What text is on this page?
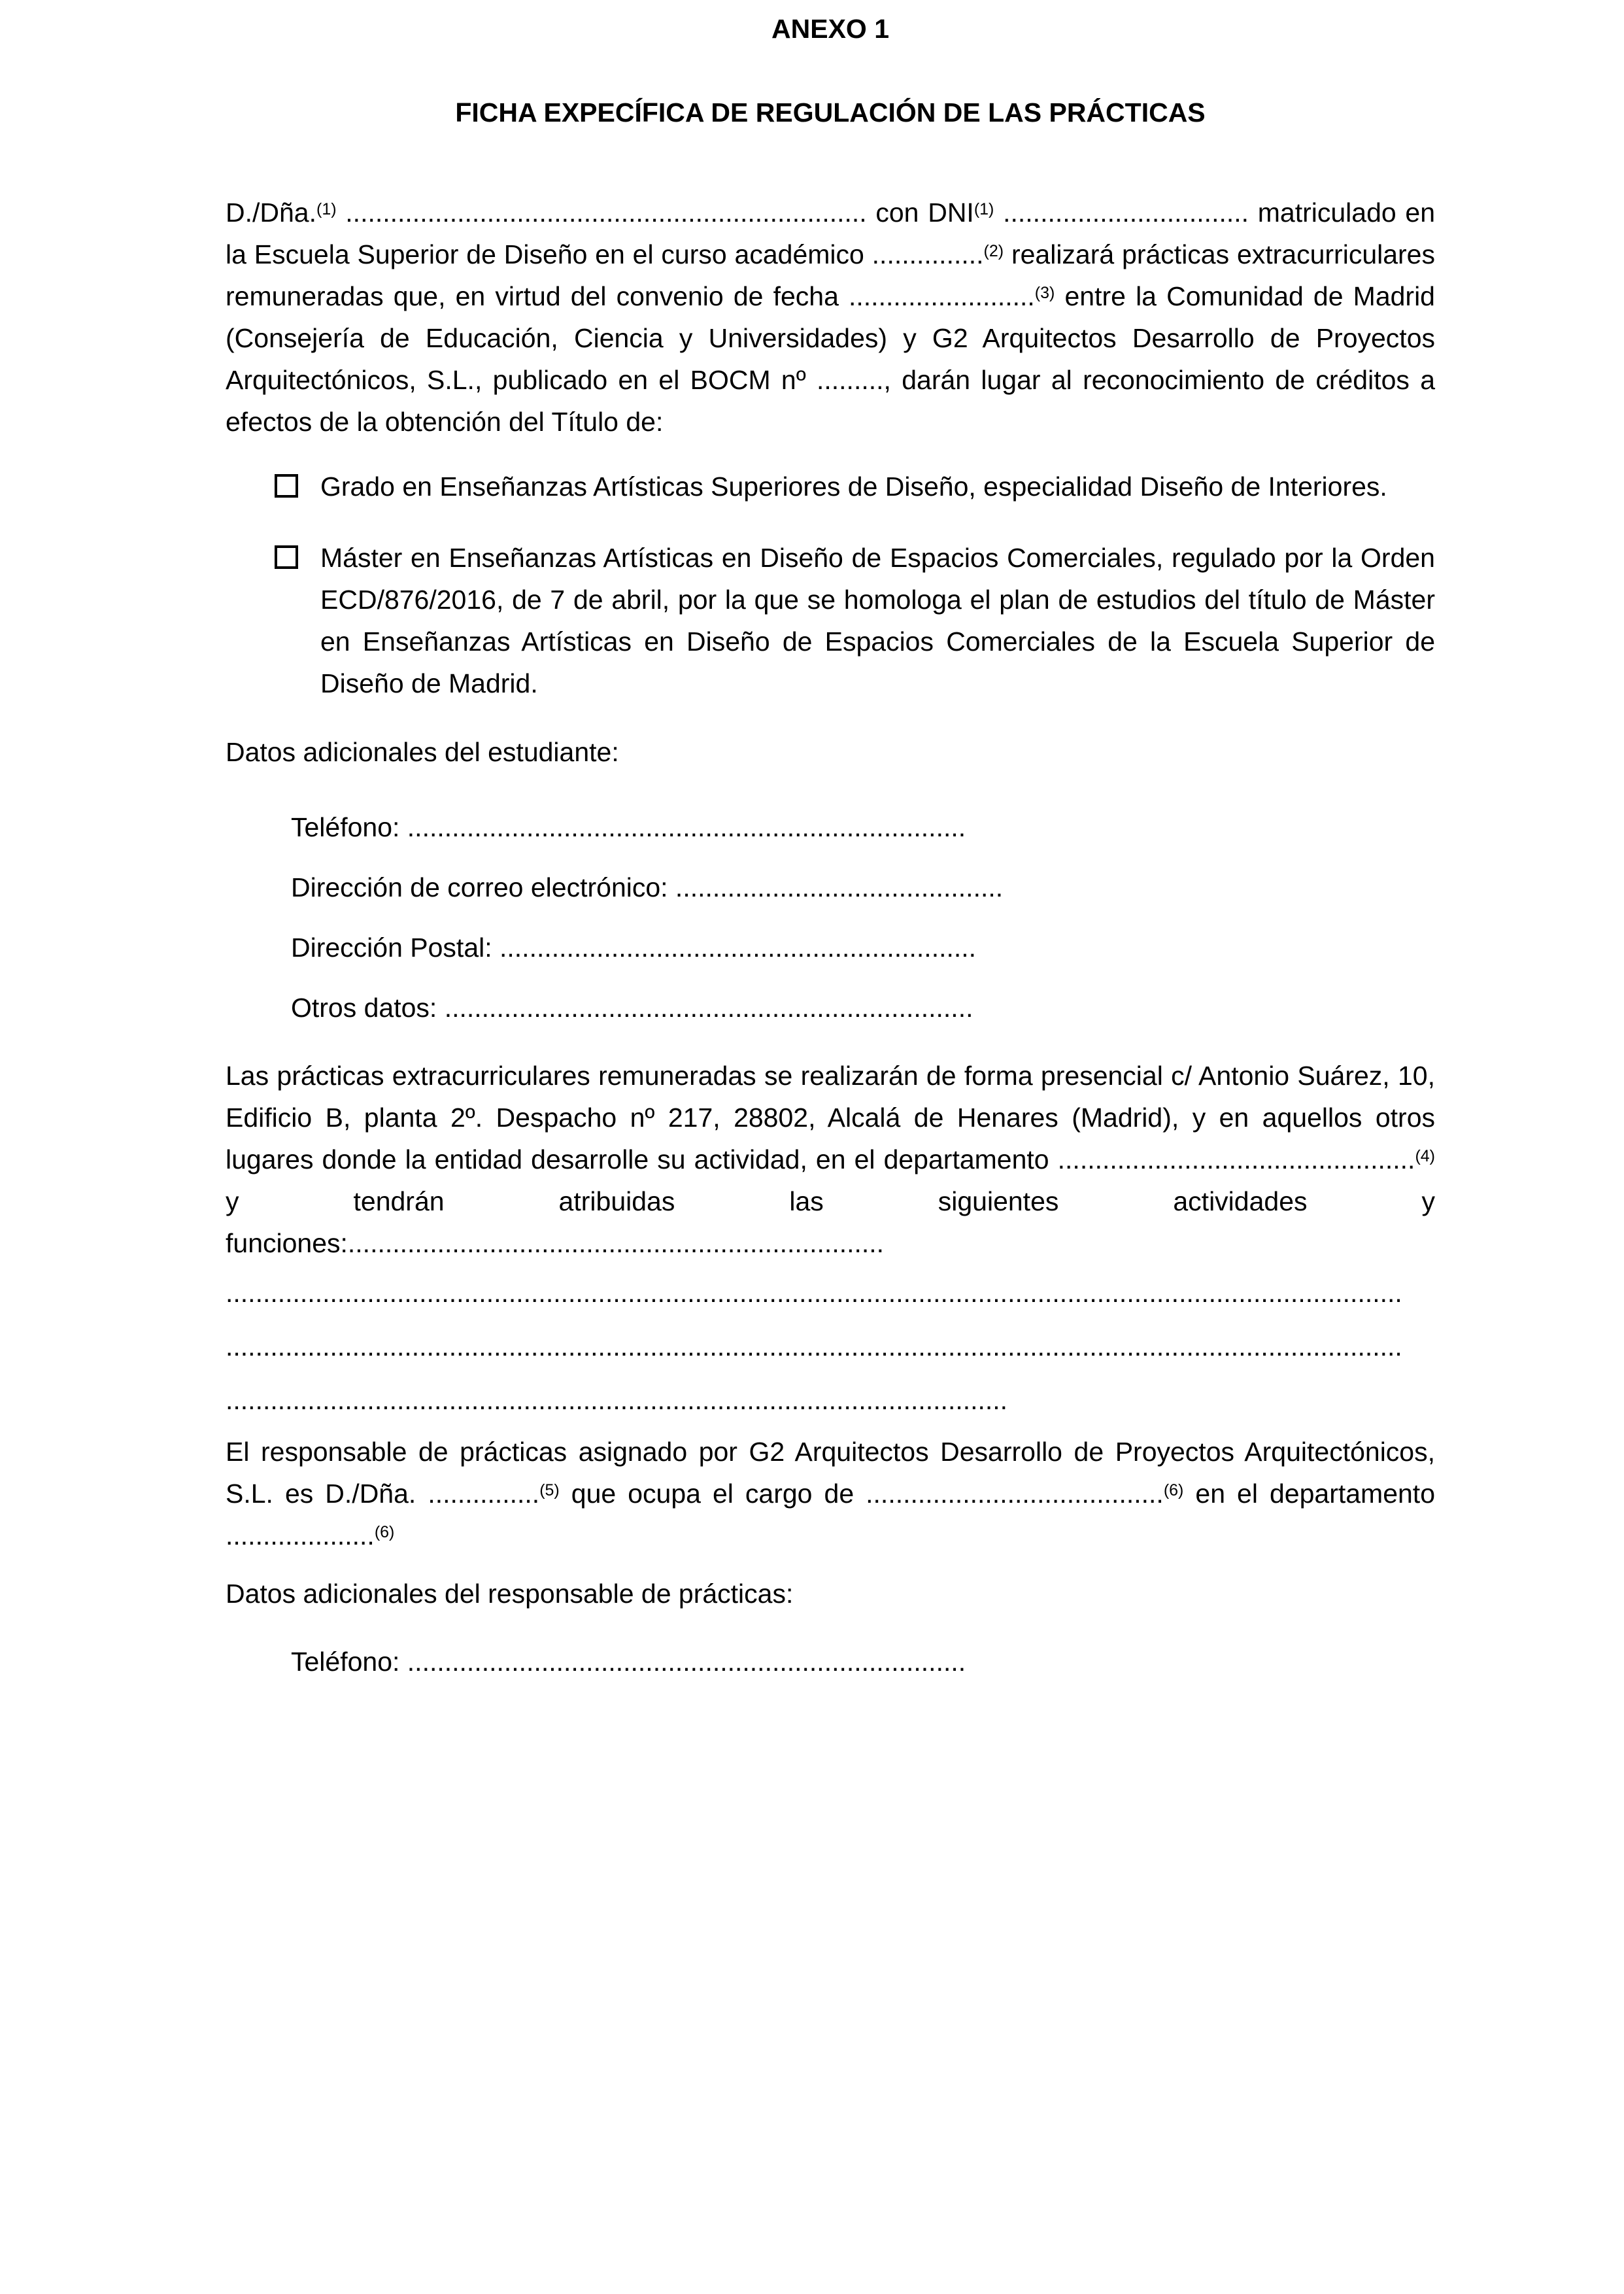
ANEXO 1
FICHA EXPECÍFICA DE REGULACIÓN DE LAS PRÁCTICAS

D./Dña.$^{(1)}$ ...................................................................... con DNI$^{(1)}$ ................................. matriculado en la Escuela Superior de Diseño en el curso académico ...............$^{(2)}$ realizará prácticas extracurriculares remuneradas que, en virtud del convenio de fecha .........................$^{(3)}$ entre la Comunidad de Madrid (Consejería de Educación, Ciencia y Universidades) y G2 Arquitectos Desarrollo de Proyectos Arquitectónicos, S.L., publicado en el BOCM nº ........., darán lugar al reconocimiento de créditos a efectos de la obtención del Título de:

Grado en Enseñanzas Artísticas Superiores de Diseño, especialidad Diseño de Interiores.
Máster en Enseñanzas Artísticas en Diseño de Espacios Comerciales, regulado por la Orden ECD/876/2016, de 7 de abril, por la que se homologa el plan de estudios del título de Máster en Enseñanzas Artísticas en Diseño de Espacios Comerciales de la Escuela Superior de Diseño de Madrid.

Datos adicionales del estudiante:

Teléfono: ...........................................................................
Dirección de correo electrónico: ............................................
Dirección Postal: ................................................................
Otros datos: .......................................................................

Las prácticas extracurriculares remuneradas se realizarán de forma presencial c/ Antonio Suárez, 10, Edificio B, planta 2º. Despacho nº 217, 28802, Alcalá de Henares (Madrid), y en aquellos otros lugares donde la entidad desarrolle su actividad, en el departamento ................................................$^{(4)}$ y tendrán atribuidas las siguientes actividades y funciones:........................................................................

..............................................................................................................................................................
..............................................................................................................................................................
.........................................................................................................

El responsable de prácticas asignado por G2 Arquitectos Desarrollo de Proyectos Arquitectónicos, S.L. es D./Dña. ...............$^{(5)}$ que ocupa el cargo de ........................................$^{(6)}$ en el departamento ....................$^{(6)}$

Datos adicionales del responsable de prácticas:

Teléfono: ...........................................................................
